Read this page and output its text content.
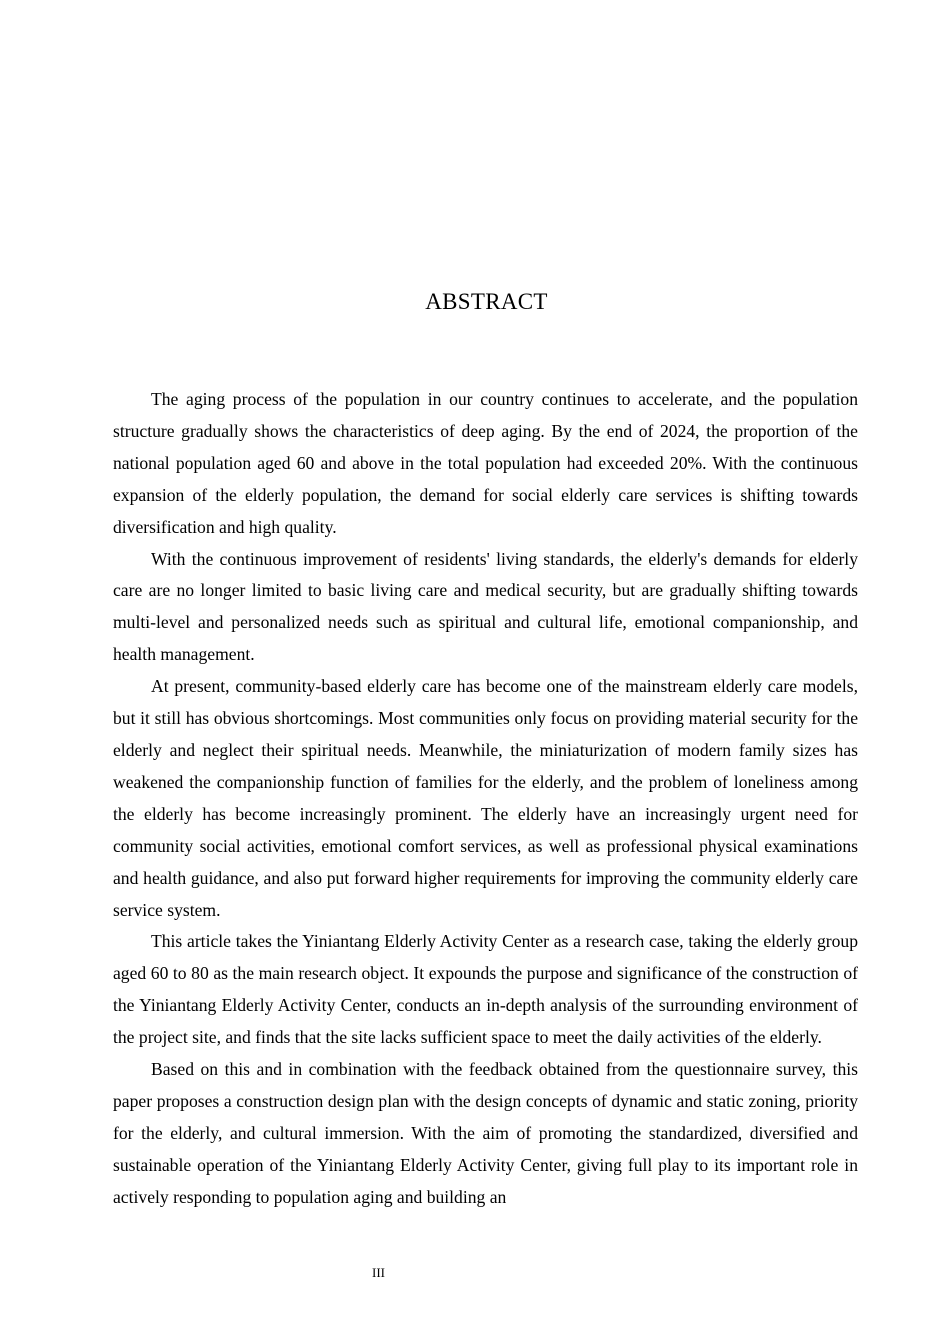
ABSTRACT

The aging process of the population in our country continues to accelerate, and the population structure gradually shows the characteristics of deep aging. By the end of 2024, the proportion of the national population aged 60 and above in the total population had exceeded 20%. With the continuous expansion of the elderly population, the demand for social elderly care services is shifting towards diversification and high quality.

With the continuous improvement of residents' living standards, the elderly's demands for elderly care are no longer limited to basic living care and medical security, but are gradually shifting towards multi-level and personalized needs such as spiritual and cultural life, emotional companionship, and health management.

At present, community-based elderly care has become one of the mainstream elderly care models, but it still has obvious shortcomings. Most communities only focus on providing material security for the elderly and neglect their spiritual needs. Meanwhile, the miniaturization of modern family sizes has weakened the companionship function of families for the elderly, and the problem of loneliness among the elderly has become increasingly prominent. The elderly have an increasingly urgent need for community social activities, emotional comfort services, as well as professional physical examinations and health guidance, and also put forward higher requirements for improving the community elderly care service system.

This article takes the Yiniantang Elderly Activity Center as a research case, taking the elderly group aged 60 to 80 as the main research object. It expounds the purpose and significance of the construction of the Yiniantang Elderly Activity Center, conducts an in-depth analysis of the surrounding environment of the project site, and finds that the site lacks sufficient space to meet the daily activities of the elderly.

Based on this and in combination with the feedback obtained from the questionnaire survey, this paper proposes a construction design plan with the design concepts of dynamic and static zoning, priority for the elderly, and cultural immersion. With the aim of promoting the standardized, diversified and sustainable operation of the Yiniantang Elderly Activity Center, giving full play to its important role in actively responding to population aging and building an

III
